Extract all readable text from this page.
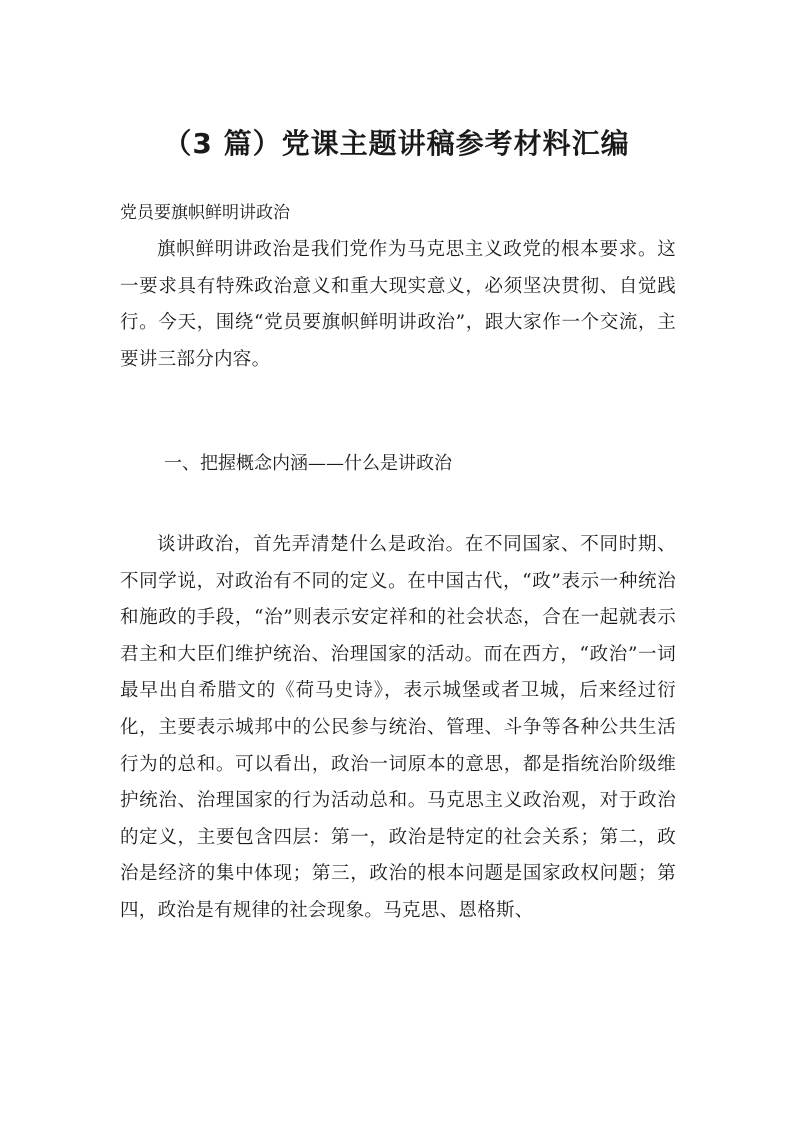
（3 篇）党课主题讲稿参考材料汇编

党员要旗帜鲜明讲政治

旗帜鲜明讲政治是我们党作为马克思主义政党的根本要求。这一要求具有特殊政治意义和重大现实意义，必须坚决贯彻、自觉践行。今天，围绕“党员要旗帜鲜明讲政治”，跟大家作一个交流，主要讲三部分内容。

一、把握概念内涵——什么是讲政治

谈讲政治，首先弄清楚什么是政治。在不同国家、不同时期、不同学说，对政治有不同的定义。在中国古代，“政”表示一种统治和施政的手段，“治”则表示安定祥和的社会状态，合在一起就表示君主和大臣们维护统治、治理国家的活动。而在西方，“政治”一词最早出自希腊文的《荷马史诗》，表示城堡或者卫城，后来经过衍化，主要表示城邦中的公民参与统治、管理、斗争等各种公共生活行为的总和。可以看出，政治一词原本的意思，都是指统治阶级维护统治、治理国家的行为活动总和。马克思主义政治观，对于政治的定义，主要包含四层：第一，政治是特定的社会关系；第二，政治是经济的集中体现；第三，政治的根本问题是国家政权问题；第四，政治是有规律的社会现象。马克思、恩格斯、
